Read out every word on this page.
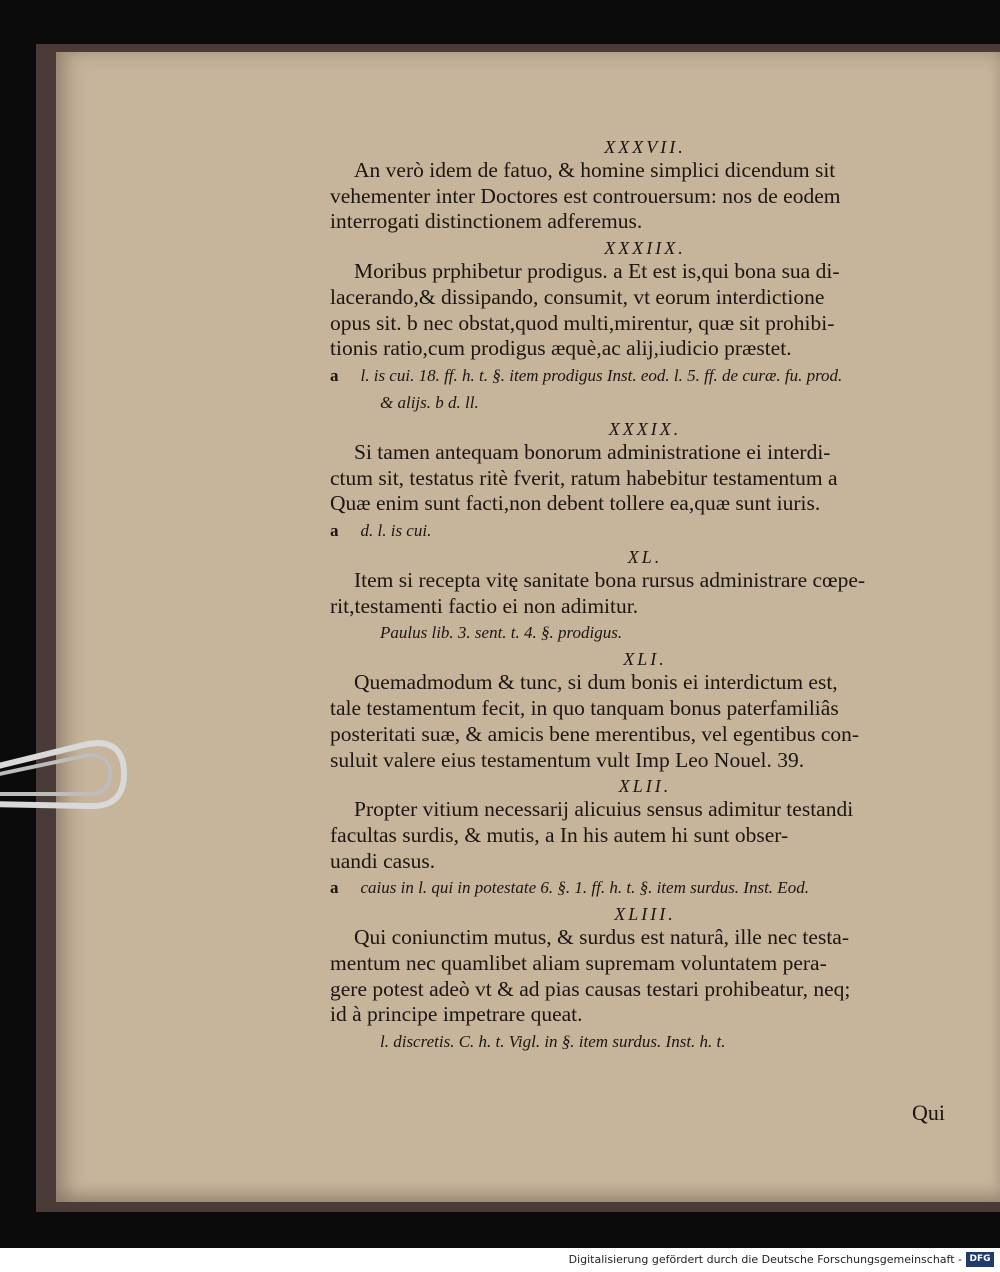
XXXVII.

An verò idem de fatuo, & homine simplici dicendum sit
vehementer inter Doctores est controuersum: nos de eodem
interrogati distinctionem adferemus.

XXXIIX.

Moribus prphibetur prodigus. a Et est is,qui bona sua di-
lacerando,& dissipando, consumit, vt eorum interdictione
opus sit. b nec obstat,quod multi,mirentur, quæ sit prohibi-
tionis ratio,cum prodigus æquè,ac alij,iudicio præstet.

a l. is cui. 18. ff. h. t. §. item prodigus Inst. eod. l. 5. ff. de curæ. fu. prod.
& alijs. b d. ll.
XXXIX.

Si tamen antequam bonorum administratione ei interdi-
ctum sit, testatus ritè fverit, ratum habebitur testamentum a
Quæ enim sunt facti,non debent tollere ea,quæ sunt iuris.

a d. l. is cui.
XL.

Item si recepta vitę sanitate bona rursus administrare cœpe-
rit,testamenti factio ei non adimitur.

Paulus lib. 3. sent. t. 4. §. prodigus.
XLI.

Quemadmodum & tunc, si dum bonis ei interdictum est,
tale testamentum fecit, in quo tanquam bonus paterfamiliâs
posteritati suæ, & amicis bene merentibus, vel egentibus con-
suluit valere eius testamentum vult Imp Leo Nouel. 39.

XLII.

Propter vitium necessarij alicuius sensus adimitur testandi
facultas surdis, & mutis, a In his autem hi sunt obser-
uandi casus.

a caius in l. qui in potestate 6. §. 1. ff. h. t. §. item surdus. Inst. Eod.
XLIII.

Qui coniunctim mutus, & surdus est naturâ, ille nec testa-
mentum nec quamlibet aliam supremam voluntatem pera-
gere potest adeò vt & ad pias causas testari prohibeatur, neq;
id à principe impetrare queat.

l. discretis. C. h. t. Vigl. in §. item surdus. Inst. h. t.
Qui
Digitalisierung gefördert durch die Deutsche Forschungsgemeinschaft - DFG
